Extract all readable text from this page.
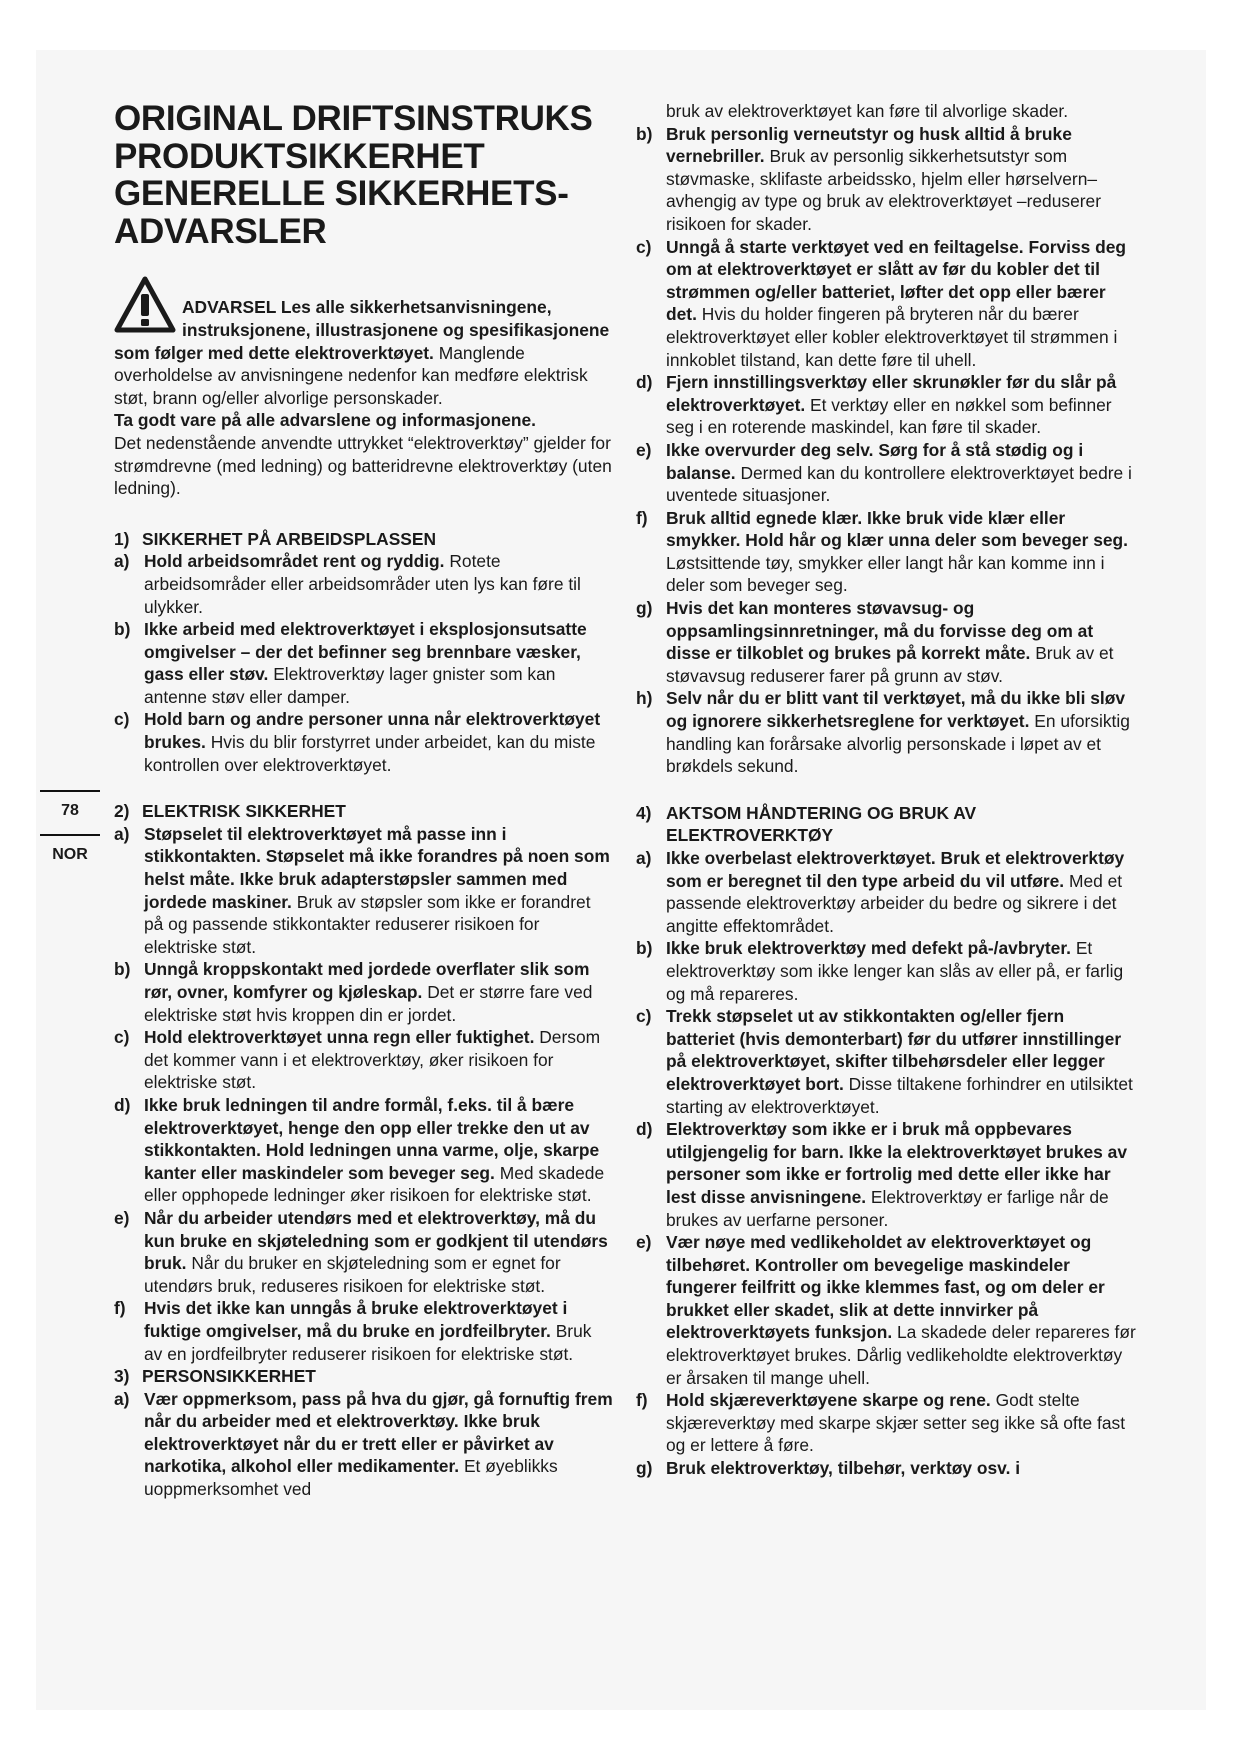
78
NOR
ORIGINAL DRIFTSINSTRUKS
PRODUKTSIKKERHET
GENERELLE SIKKERHETS-
ADVARSLER

ADVARSEL Les alle sikkerhetsanvisningene, instruksjonene, illustrasjonene og spesifikasjonene som følger med dette elektroverktøyet. Manglende overholdelse av anvisningene nedenfor kan medføre elektrisk støt, brann og/eller alvorlige personskader.

Ta godt vare på alle advarslene og informasjonene.
Det nedenstående anvendte uttrykket “elektroverktøy” gjelder for strømdrevne (med ledning) og batteridrevne elektroverktøy (uten ledning).

1) SIKKERHET PÅ ARBEIDSPLASSEN
a) Hold arbeidsområdet rent og ryddig. Rotete arbeidsområder eller arbeidsområder uten lys kan føre til ulykker.
b) Ikke arbeid med elektroverktøyet i eksplosjonsutsatte omgivelser – der det befinner seg brennbare væsker, gass eller støv. Elektroverktøy lager gnister som kan antenne støv eller damper.
c) Hold barn og andre personer unna når elektroverktøyet brukes. Hvis du blir forstyrret under arbeidet, kan du miste kontrollen over elektroverktøyet.
2) ELEKTRISK SIKKERHET
a) Støpselet til elektroverktøyet må passe inn i stikkontakten. Støpselet må ikke forandres på noen som helst måte. Ikke bruk adapterstøpsler sammen med jordede maskiner. Bruk av støpsler som ikke er forandret på og passende stikkontakter reduserer risikoen for elektriske støt.
b) Unngå kroppskontakt med jordede overflater slik som rør, ovner, komfyrer og kjøleskap. Det er større fare ved elektriske støt hvis kroppen din er jordet.
c) Hold elektroverktøyet unna regn eller fuktighet. Dersom det kommer vann i et elektroverktøy, øker risikoen for elektriske støt.
d) Ikke bruk ledningen til andre formål, f.eks. til å bære elektroverktøyet, henge den opp eller trekke den ut av stikkontakten. Hold ledningen unna varme, olje, skarpe kanter eller maskindeler som beveger seg. Med skadede eller opphopede ledninger øker risikoen for elektriske støt.
e) Når du arbeider utendørs med et elektroverktøy, må du kun bruke en skjøteledning som er godkjent til utendørs bruk. Når du bruker en skjøteledning som er egnet for utendørs bruk, reduseres risikoen for elektriske støt.
f) Hvis det ikke kan unngås å bruke elektroverktøyet i fuktige omgivelser, må du bruke en jordfeilbryter. Bruk av en jordfeilbryter reduserer risikoen for elektriske støt.
3) PERSONSIKKERHET
a) Vær oppmerksom, pass på hva du gjør, gå fornuftig frem når du arbeider med et elektroverktøy. Ikke bruk elektroverktøyet når du er trett eller er påvirket av narkotika, alkohol eller medikamenter. Et øyeblikks uoppmerksomhet ved
bruk av elektroverktøyet kan føre til alvorlige skader.
b) Bruk personlig verneutstyr og husk alltid å bruke vernebriller. Bruk av personlig sikkerhetsutstyr som støvmaske, sklifaste arbeidssko, hjelm eller hørselvern– avhengig av type og bruk av elektroverktøyet –reduserer risikoen for skader.
c) Unngå å starte verktøyet ved en feiltagelse. Forviss deg om at elektroverktøyet er slått av før du kobler det til strømmen og/eller batteriet, løfter det opp eller bærer det. Hvis du holder fingeren på bryteren når du bærer elektroverktøyet eller kobler elektroverktøyet til strømmen i innkoblet tilstand, kan dette føre til uhell.
d) Fjern innstillingsverktøy eller skrunøkler før du slår på elektroverktøyet. Et verktøy eller en nøkkel som befinner seg i en roterende maskindel, kan føre til skader.
e) Ikke overvurder deg selv. Sørg for å stå stødig og i balanse. Dermed kan du kontrollere elektroverktøyet bedre i uventede situasjoner.
f) Bruk alltid egnede klær. Ikke bruk vide klær eller smykker. Hold hår og klær unna deler som beveger seg. Løstsittende tøy, smykker eller langt hår kan komme inn i deler som beveger seg.
g) Hvis det kan monteres støvavsug- og oppsamlingsinnretninger, må du forvisse deg om at disse er tilkoblet og brukes på korrekt måte. Bruk av et støvavsug reduserer farer på grunn av støv.
h) Selv når du er blitt vant til verktøyet, må du ikke bli sløv og ignorere sikkerhetsreglene for verktøyet. En uforsiktig handling kan forårsake alvorlig personskade i løpet av et brøkdels sekund.
4) AKTSOM HÅNDTERING OG BRUK AV ELEKTROVERKTØY
a) Ikke overbelast elektroverktøyet. Bruk et elektroverktøy som er beregnet til den type arbeid du vil utføre. Med et passende elektroverktøy arbeider du bedre og sikrere i det angitte effektområdet.
b) Ikke bruk elektroverktøy med defekt på-/avbryter. Et elektroverktøy som ikke lenger kan slås av eller på, er farlig og må repareres.
c) Trekk støpselet ut av stikkontakten og/eller fjern batteriet (hvis demonterbart) før du utfører innstillinger på elektroverktøyet, skifter tilbehørsdeler eller legger elektroverktøyet bort. Disse tiltakene forhindrer en utilsiktet starting av elektroverktøyet.
d) Elektroverktøy som ikke er i bruk må oppbevares utilgjengelig for barn. Ikke la elektroverktøyet brukes av personer som ikke er fortrolig med dette eller ikke har lest disse anvisningene. Elektroverktøy er farlige når de brukes av uerfarne personer.
e) Vær nøye med vedlikeholdet av elektroverktøyet og tilbehøret. Kontroller om bevegelige maskindeler fungerer feilfritt og ikke klemmes fast, og om deler er brukket eller skadet, slik at dette innvirker på elektroverktøyets funksjon. La skadede deler repareres før elektroverktøyet brukes. Dårlig vedlikeholdte elektroverktøy er årsaken til mange uhell.
f) Hold skjæreverktøyene skarpe og rene. Godt stelte skjæreverktøy med skarpe skjær setter seg ikke så ofte fast og er lettere å føre.
g) Bruk elektroverktøy, tilbehør, verktøy osv. i
